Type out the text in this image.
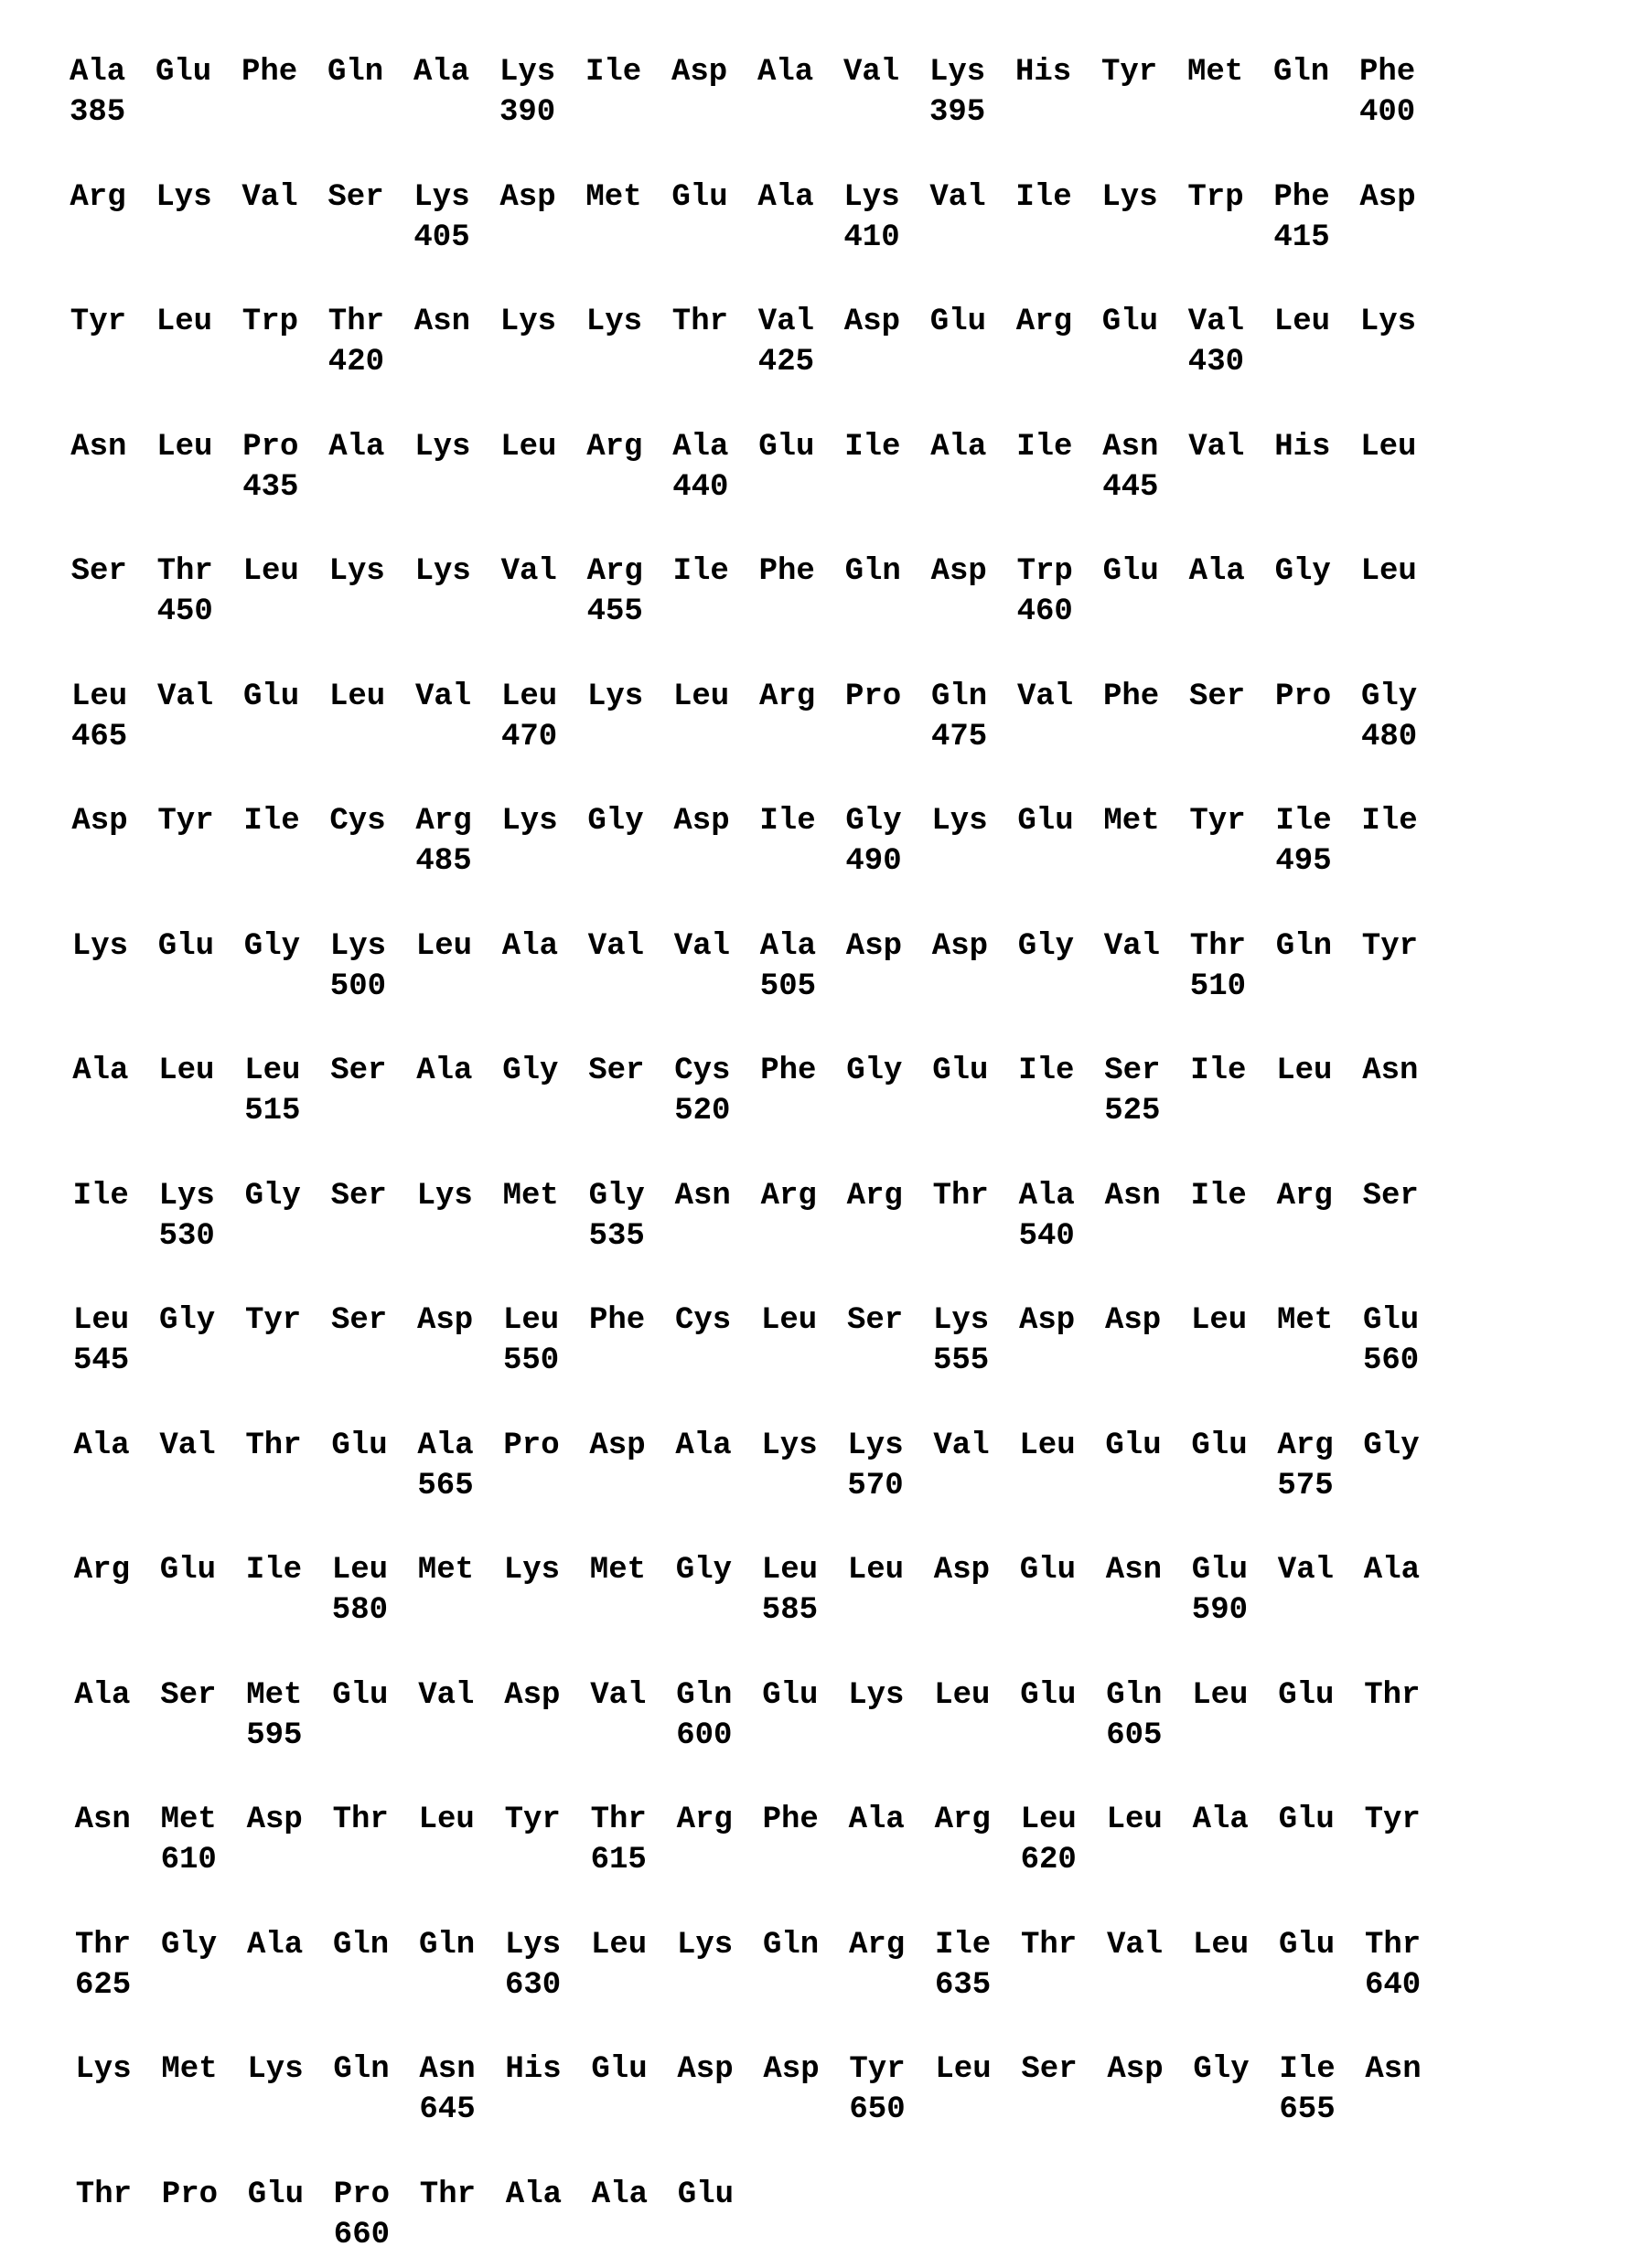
Ala Glu Phe Gln Ala Lys Ile Asp Ala Val Lys His Tyr Met Gln Phe
385	390	395	400
Arg Lys Val Ser Lys Asp Met Glu Ala Lys Val Ile Lys Trp Phe Asp
405	410	415
Tyr Leu Trp Thr Asn Lys Lys Thr Val Asp Glu Arg Glu Val Leu Lys
420	425	430
Asn Leu Pro Ala Lys Leu Arg Ala Glu Ile Ala Ile Asn Val His Leu
435	440	445
Ser Thr Leu Lys Lys Val Arg Ile Phe Gln Asp Trp Glu Ala Gly Leu
450	455	460
Leu Val Glu Leu Val Leu Lys Leu Arg Pro Gln Val Phe Ser Pro Gly
465	470	475	480
Asp Tyr Ile Cys Arg Lys Gly Asp Ile Gly Lys Glu Met Tyr Ile Ile
485	490	495
Lys Glu Gly Lys Leu Ala Val Val Ala Asp Asp Gly Val Thr Gln Tyr
500	505	510
Ala Leu Leu Ser Ala Gly Ser Cys Phe Gly Glu Ile Ser Ile Leu Asn
515	520	525
Ile Lys Gly Ser Lys Met Gly Asn Arg Arg Thr Ala Asn Ile Arg Ser
530	535	540
Leu Gly Tyr Ser Asp Leu Phe Cys Leu Ser Lys Asp Asp Leu Met Glu
545	550	555	560
Ala Val Thr Glu Ala Pro Asp Ala Lys Lys Val Leu Glu Glu Arg Gly
565	570	575
Arg Glu Ile Leu Met Lys Met Gly Leu Leu Asp Glu Asn Glu Val Ala
580	585	590
Ala Ser Met Glu Val Asp Val Gln Glu Lys Leu Glu Gln Leu Glu Thr
595	600	605
Asn Met Asp Thr Leu Tyr Thr Arg Phe Ala Arg Leu Leu Ala Glu Tyr
610	615	620
Thr Gly Ala Gln Gln Lys Leu Lys Gln Arg Ile Thr Val Leu Glu Thr
625	630	635	640
Lys Met Lys Gln Asn His Glu Asp Asp Tyr Leu Ser Asp Gly Ile Asn
645	650	655
Thr Pro Glu Pro Thr Ala Ala Glu
660
